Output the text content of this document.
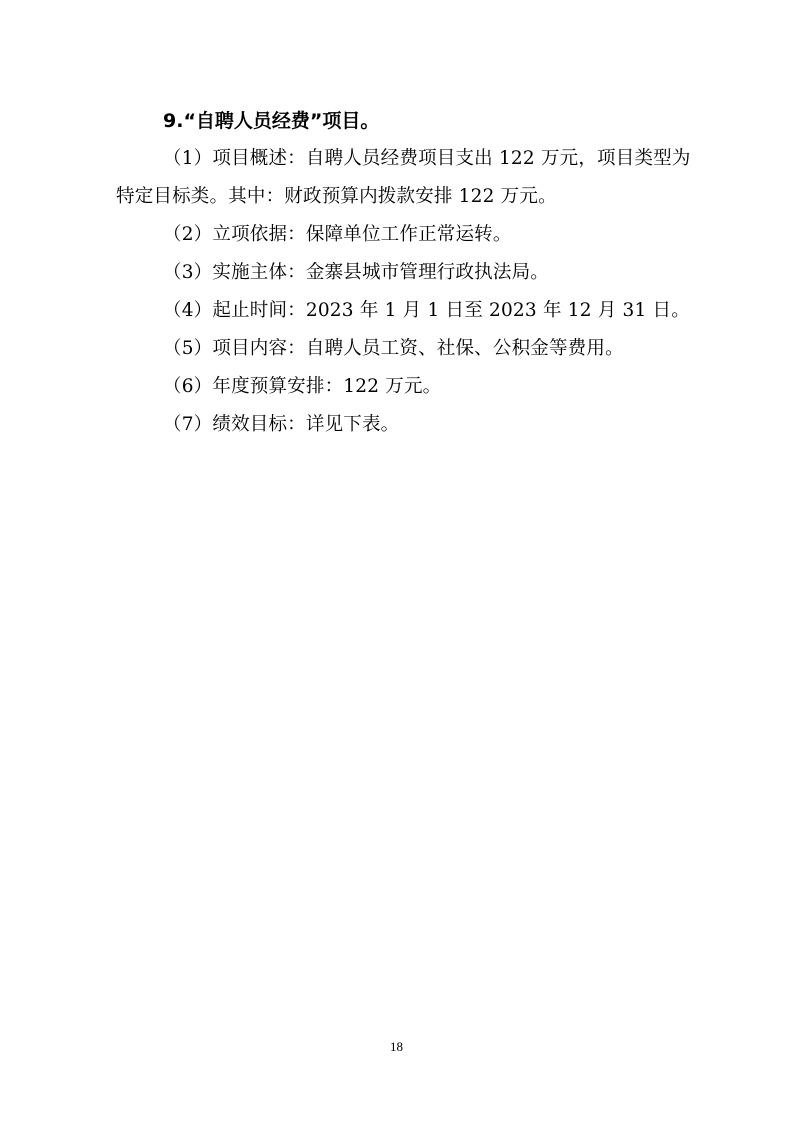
9.“自聘人员经费”项目。

（1）项目概述：自聘人员经费项目支出 122 万元，项目类型为特定目标类。其中：财政预算内拨款安排 122 万元。

（2）立项依据：保障单位工作正常运转。

（3）实施主体：金寨县城市管理行政执法局。

（4）起止时间：2023 年 1 月 1 日至 2023 年 12 月 31 日。

（5）项目内容：自聘人员工资、社保、公积金等费用。

（6）年度预算安排：122 万元。

（7）绩效目标：详见下表。

18
